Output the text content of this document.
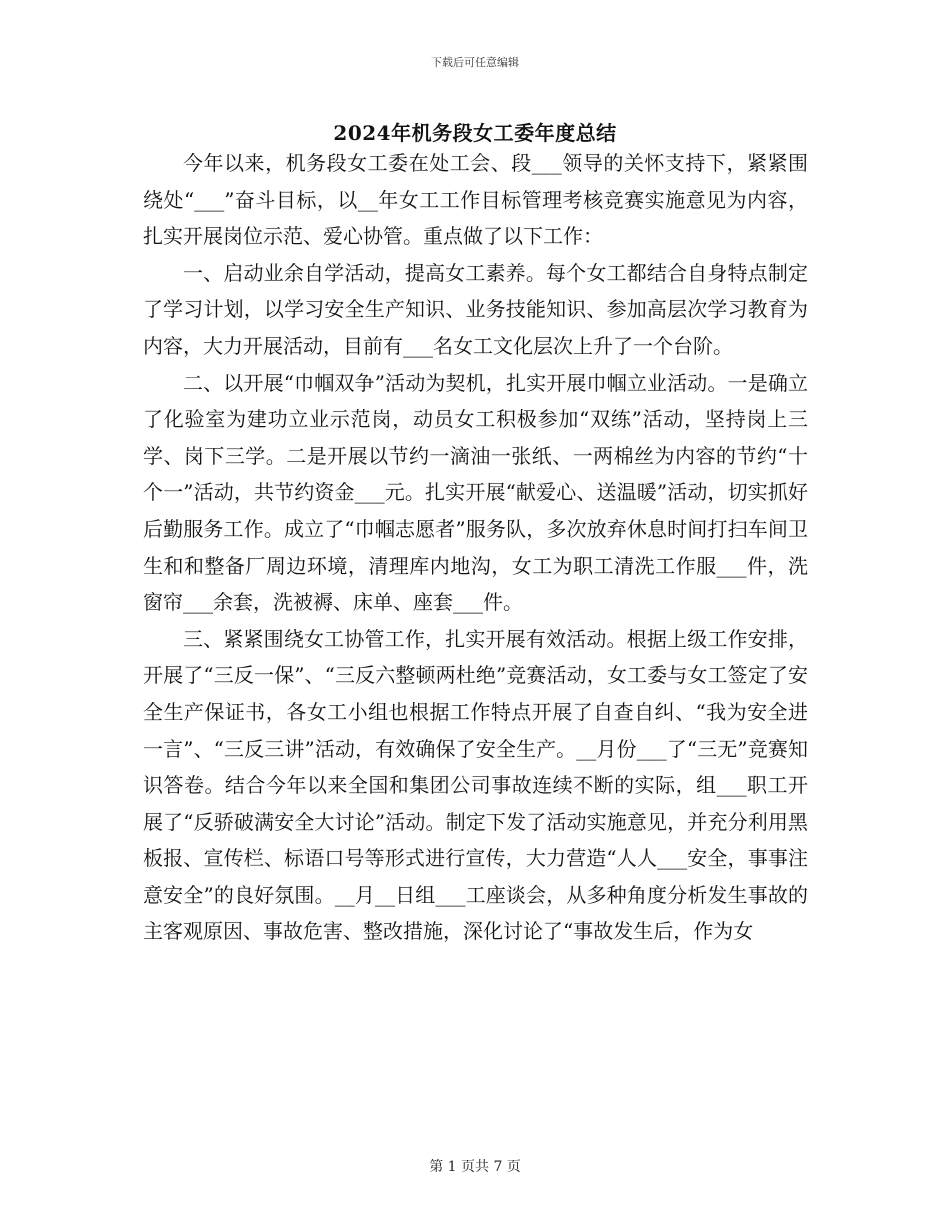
下载后可任意编辑
2024年机务段女工委年度总结

今年以来，机务段女工委在处工会、段___领导的关怀支持下，紧紧围绕处“___”奋斗目标，以__年女工工作目标管理考核竞赛实施意见为内容，扎实开展岗位示范、爱心协管。重点做了以下工作：

一、启动业余自学活动，提高女工素养。每个女工都结合自身特点制定了学习计划，以学习安全生产知识、业务技能知识、参加高层次学习教育为内容，大力开展活动，目前有___名女工文化层次上升了一个台阶。

二、以开展“巾帼双争”活动为契机，扎实开展巾帼立业活动。一是确立了化验室为建功立业示范岗，动员女工积极参加“双练”活动，坚持岗上三学、岗下三学。二是开展以节约一滴油一张纸、一两棉丝为内容的节约“十个一”活动，共节约资金___元。扎实开展“献爱心、送温暖”活动，切实抓好后勤服务工作。成立了“巾帼志愿者”服务队，多次放弃休息时间打扫车间卫生和和整备厂周边环境，清理库内地沟，女工为职工清洗工作服___件，洗窗帘___余套，洗被褥、床单、座套___件。

三、紧紧围绕女工协管工作，扎实开展有效活动。根据上级工作安排，开展了“三反一保”、“三反六整顿两杜绝”竞赛活动，女工委与女工签定了安全生产保证书，各女工小组也根据工作特点开展了自查自纠、“我为安全进一言”、“三反三讲”活动，有效确保了安全生产。__月份___了“三无”竞赛知识答卷。结合今年以来全国和集团公司事故连续不断的实际，组___职工开展了“反骄破满安全大讨论”活动。制定下发了活动实施意见，并充分利用黑板报、宣传栏、标语口号等形式进行宣传，大力营造“人人___安全，事事注意安全”的良好氛围。__月__日组___工座谈会，从多种角度分析发生事故的主客观原因、事故危害、整改措施，深化讨论了“事故发生后，作为女

第 1 页共 7 页
